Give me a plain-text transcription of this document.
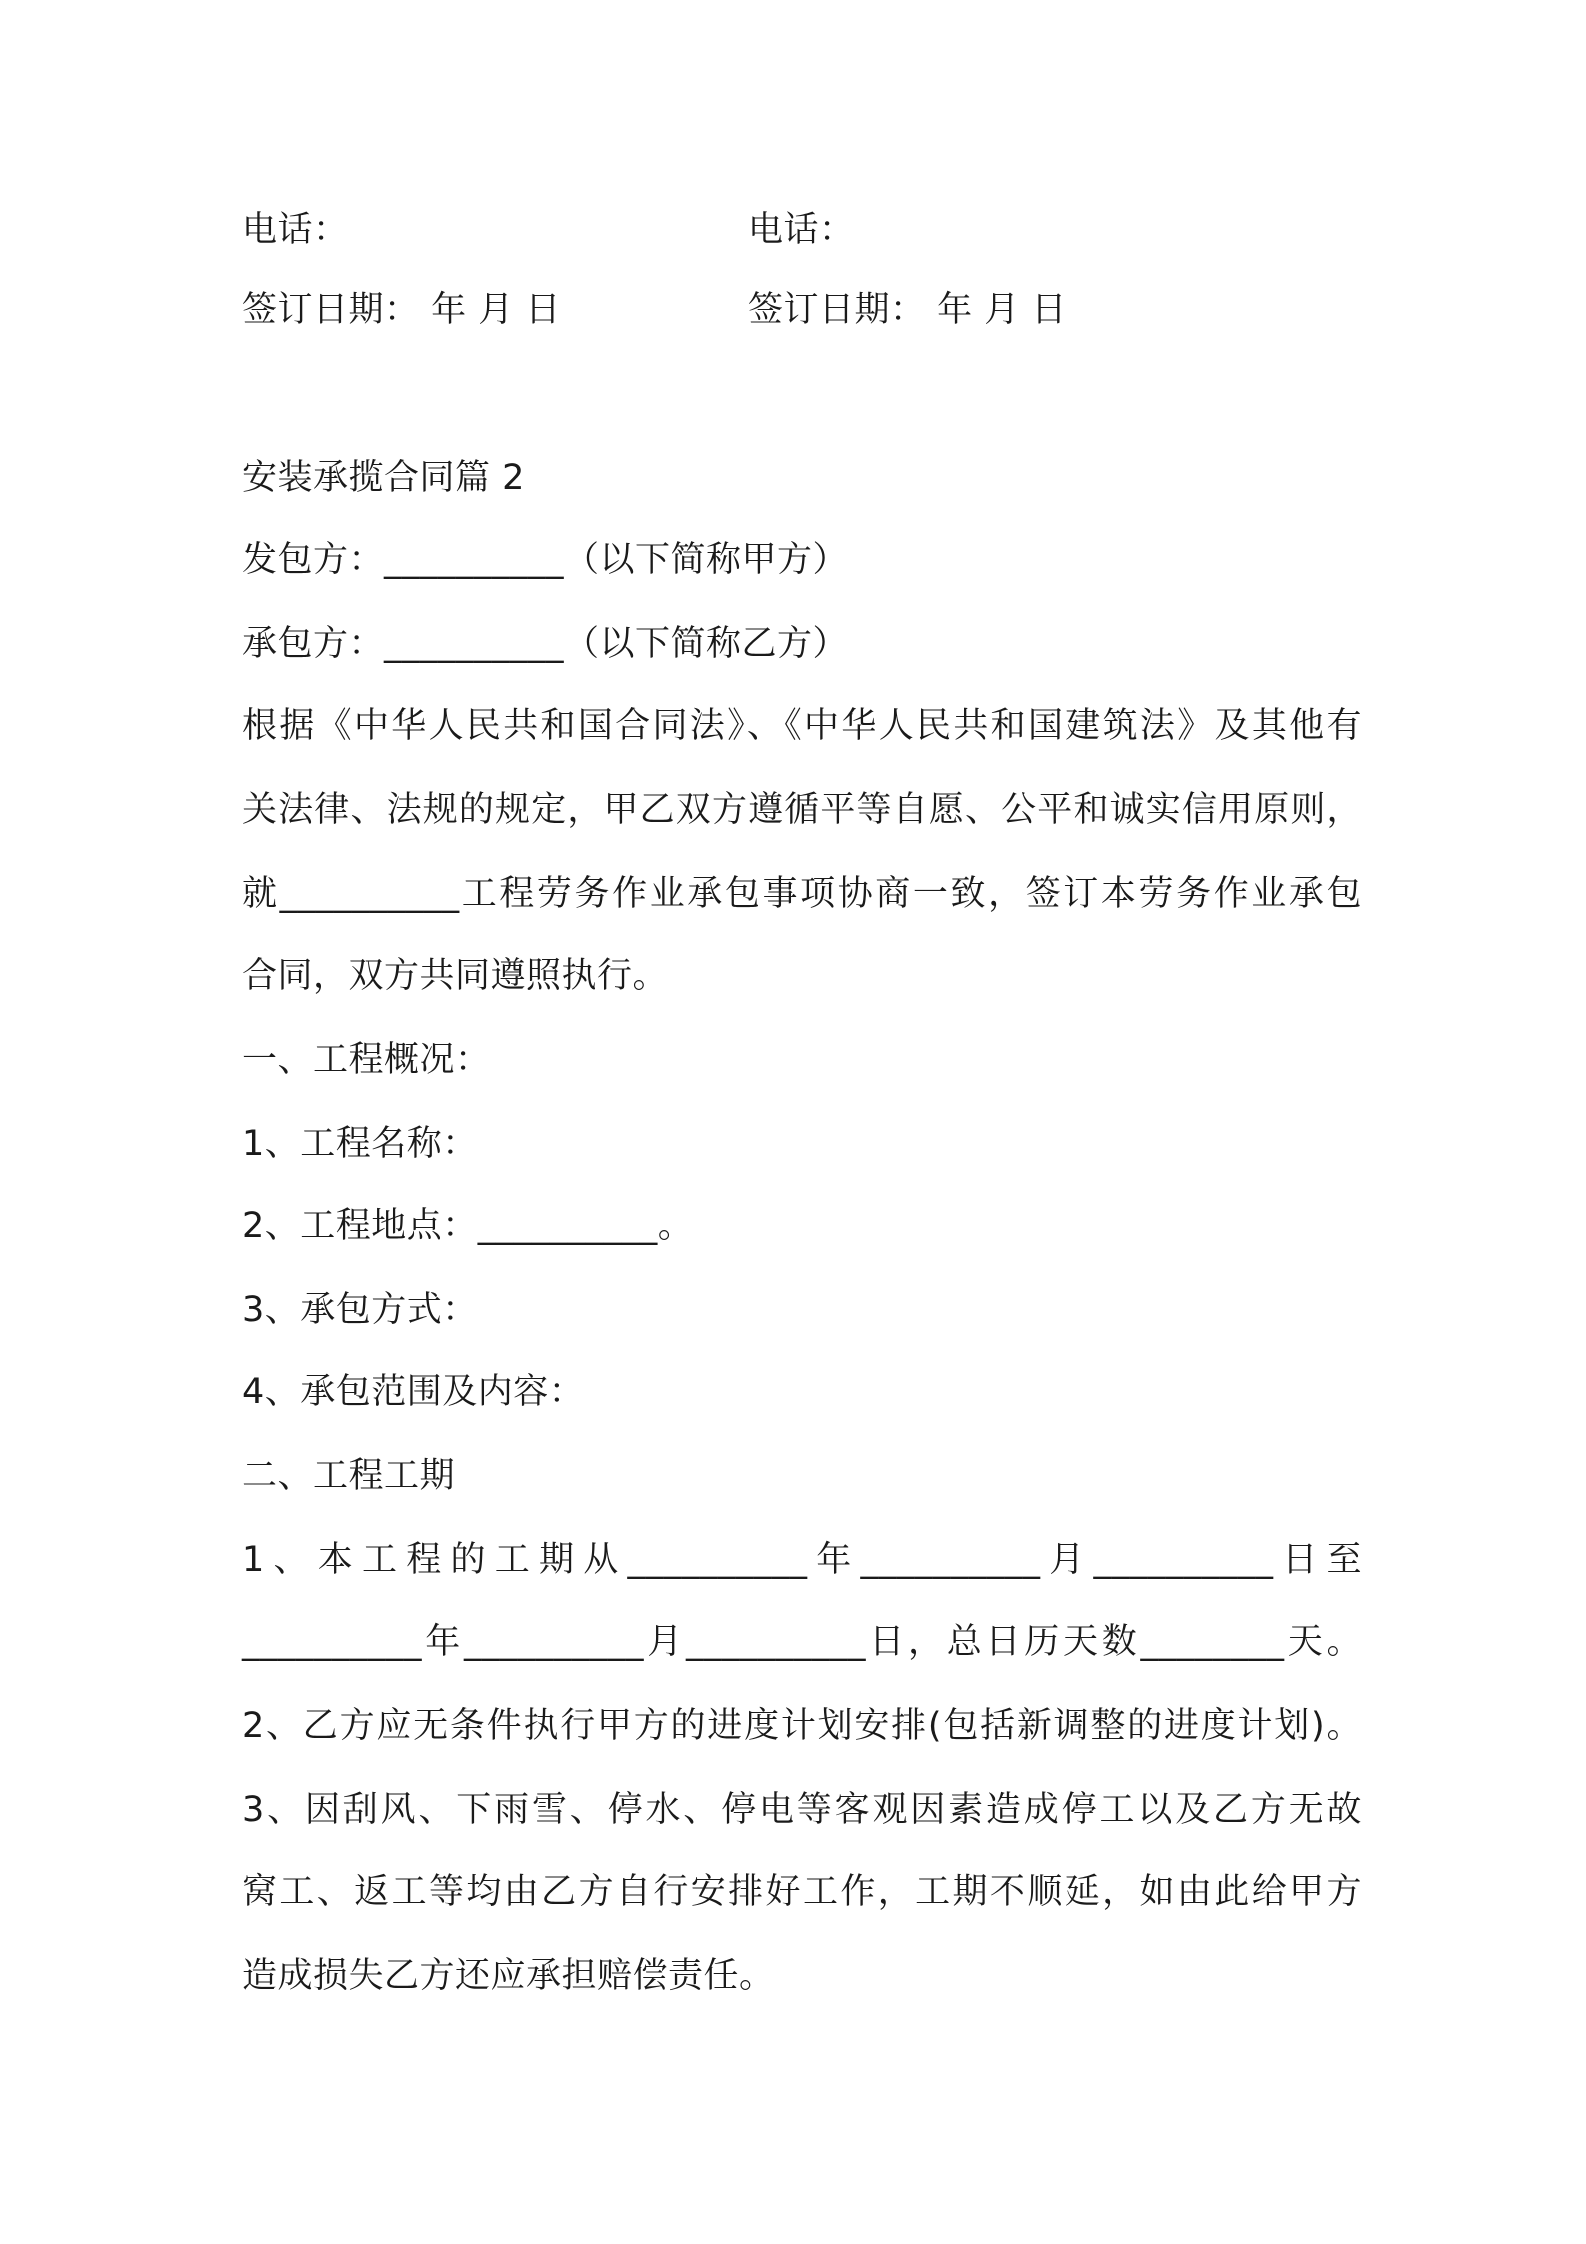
电话：	电话：
签订日期： 年 月 日	签订日期： 年 月 日
安装承揽合同篇 2
发包方：__________（以下简称甲方）
承包方：__________（以下简称乙方）
根据《中华人民共和国合同法》、《中华人民共和国建筑法》及其他有
关法律、法规的规定，甲乙双方遵循平等自愿、公平和诚实信用原则，
就__________工程劳务作业承包事项协商一致，签订本劳务作业承包
合同，双方共同遵照执行。
一、工程概况：
1、工程名称：
2、工程地点：__________。
3、承包方式：
4、承包范围及内容：
二、工程工期
1、本工程的工期从__________年__________月__________日至
__________年__________月__________日，总日历天数________天。
2、乙方应无条件执行甲方的进度计划安排(包括新调整的进度计划)。
3、因刮风、下雨雪、停水、停电等客观因素造成停工以及乙方无故
窝工、返工等均由乙方自行安排好工作，工期不顺延，如由此给甲方
造成损失乙方还应承担赔偿责任。
